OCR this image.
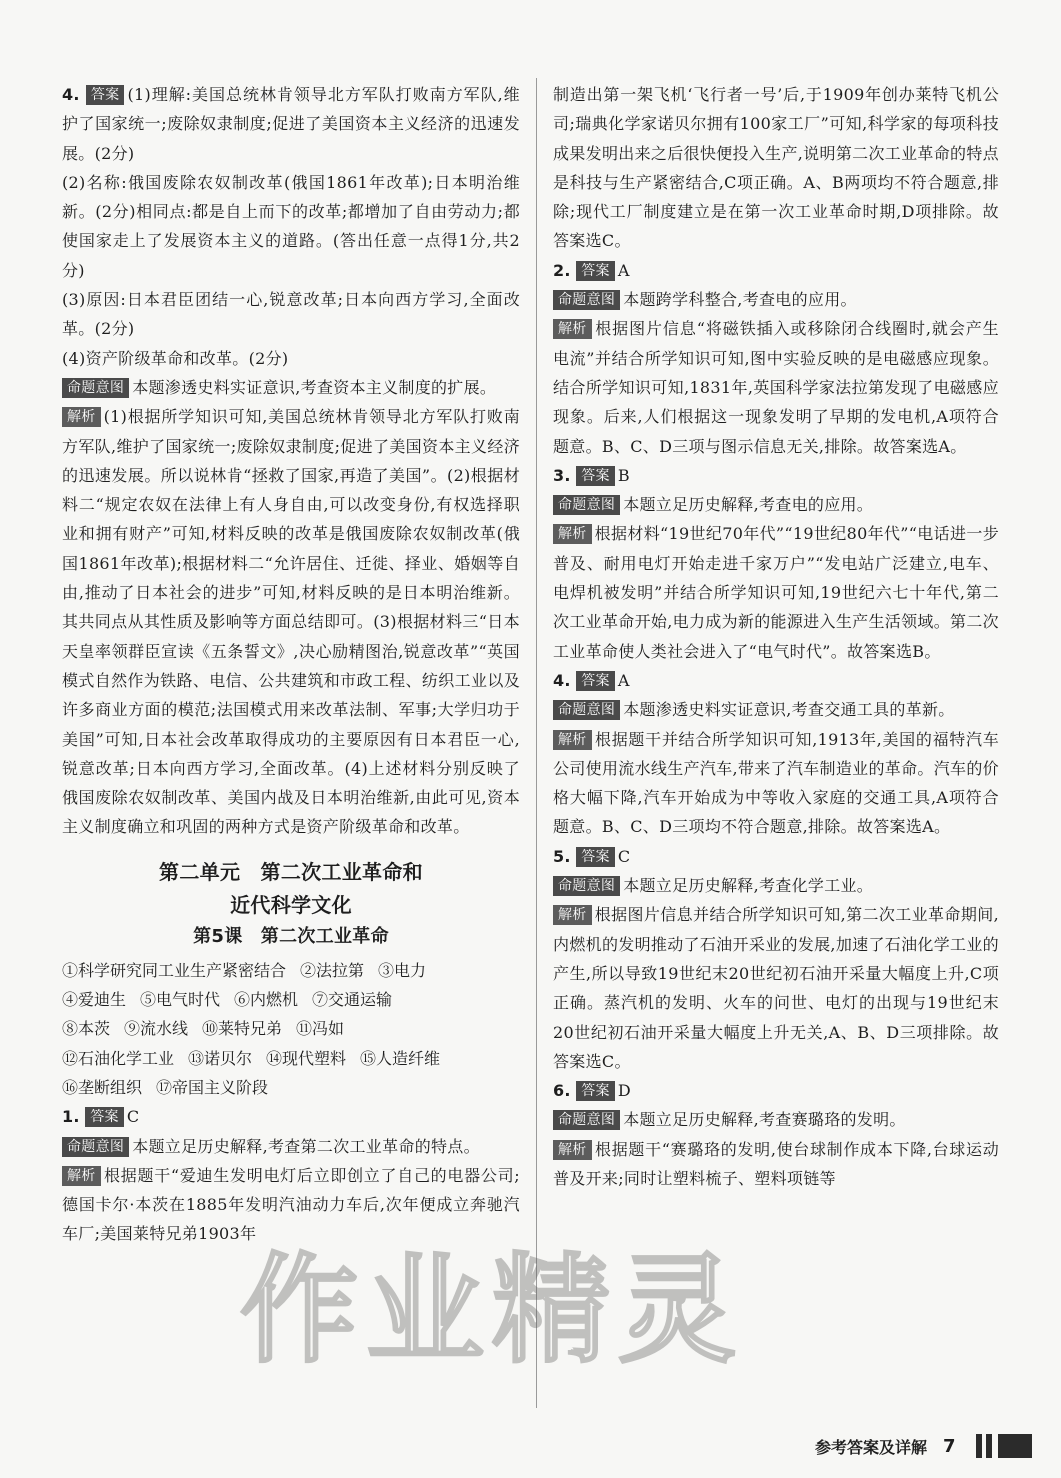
4. 答案 (1)理解:美国总统林肯领导北方军队打败南方军队,维护了国家统一;废除奴隶制度;促进了美国资本主义经济的迅速发展。(2分)

(2)名称:俄国废除农奴制改革(俄国1861年改革);日本明治维新。(2分)相同点:都是自上而下的改革;都增加了自由劳动力;都使国家走上了发展资本主义的道路。(答出任意一点得1分,共2分)

(3)原因:日本君臣团结一心,锐意改革;日本向西方学习,全面改革。(2分)

(4)资产阶级革命和改革。(2分)

命题意图 本题渗透史料实证意识,考查资本主义制度的扩展。

解析 (1)根据所学知识可知,美国总统林肯领导北方军队打败南方军队,维护了国家统一;废除奴隶制度;促进了美国资本主义经济的迅速发展。所以说林肯“拯救了国家,再造了美国”。(2)根据材料二“规定农奴在法律上有人身自由,可以改变身份,有权选择职业和拥有财产”可知,材料反映的改革是俄国废除农奴制改革(俄国1861年改革);根据材料二“允许居住、迁徙、择业、婚姻等自由,推动了日本社会的进步”可知,材料反映的是日本明治维新。其共同点从其性质及影响等方面总结即可。(3)根据材料三“日本天皇率领群臣宣读《五条誓文》,决心励精图治,锐意改革”“英国模式自然作为铁路、电信、公共建筑和市政工程、纺织工业以及许多商业方面的模范;法国模式用来改革法制、军事;大学归功于美国”可知,日本社会改革取得成功的主要原因有日本君臣一心,锐意改革;日本向西方学习,全面改革。(4)上述材料分别反映了俄国废除农奴制改革、美国内战及日本明治维新,由此可见,资本主义制度确立和巩固的两种方式是资产阶级革命和改革。

第二单元　第二次工业革命和

近代科学文化

第5课　第二次工业革命

①科学研究同工业生产紧密结合 ②法拉第 ③电力
④爱迪生 ⑤电气时代 ⑥内燃机 ⑦交通运输
⑧本茨 ⑨流水线 ⑩莱特兄弟 ⑪冯如
⑫石油化学工业 ⑬诺贝尔 ⑭现代塑料 ⑮人造纤维
⑯垄断组织 ⑰帝国主义阶段

1. 答案 C

命题意图 本题立足历史解释,考查第二次工业革命的特点。

解析 根据题干“爱迪生发明电灯后立即创立了自己的电器公司;德国卡尔·本茨在1885年发明汽油动力车后,次年便成立奔驰汽车厂;美国莱特兄弟1903年

制造出第一架飞机‘飞行者一号’后,于1909年创办莱特飞机公司;瑞典化学家诺贝尔拥有100家工厂”可知,科学家的每项科技成果发明出来之后很快便投入生产,说明第二次工业革命的特点是科技与生产紧密结合,C项正确。A、B两项均不符合题意,排除;现代工厂制度建立是在第一次工业革命时期,D项排除。故答案选C。

2. 答案 A

命题意图 本题跨学科整合,考查电的应用。

解析 根据图片信息“将磁铁插入或移除闭合线圈时,就会产生电流”并结合所学知识可知,图中实验反映的是电磁感应现象。结合所学知识可知,1831年,英国科学家法拉第发现了电磁感应现象。后来,人们根据这一现象发明了早期的发电机,A项符合题意。B、C、D三项与图示信息无关,排除。故答案选A。

3. 答案 B

命题意图 本题立足历史解释,考查电的应用。

解析 根据材料“19世纪70年代”“19世纪80年代”“电话进一步普及、耐用电灯开始走进千家万户”“发电站广泛建立,电车、电焊机被发明”并结合所学知识可知,19世纪六七十年代,第二次工业革命开始,电力成为新的能源进入生产生活领域。第二次工业革命使人类社会进入了“电气时代”。故答案选B。

4. 答案 A

命题意图 本题渗透史料实证意识,考查交通工具的革新。

解析 根据题干并结合所学知识可知,1913年,美国的福特汽车公司使用流水线生产汽车,带来了汽车制造业的革命。汽车的价格大幅下降,汽车开始成为中等收入家庭的交通工具,A项符合题意。B、C、D三项均不符合题意,排除。故答案选A。

5. 答案 C

命题意图 本题立足历史解释,考查化学工业。

解析 根据图片信息并结合所学知识可知,第二次工业革命期间,内燃机的发明推动了石油开采业的发展,加速了石油化学工业的产生,所以导致19世纪末20世纪初石油开采量大幅度上升,C项正确。蒸汽机的发明、火车的问世、电灯的出现与19世纪末20世纪初石油开采量大幅度上升无关,A、B、D三项排除。故答案选C。

6. 答案 D

命题意图 本题立足历史解释,考查赛璐珞的发明。

解析 根据题干“赛璐珞的发明,使台球制作成本下降,台球运动普及开来;同时让塑料梳子、塑料项链等

作业精灵
参考答案及详解 7
